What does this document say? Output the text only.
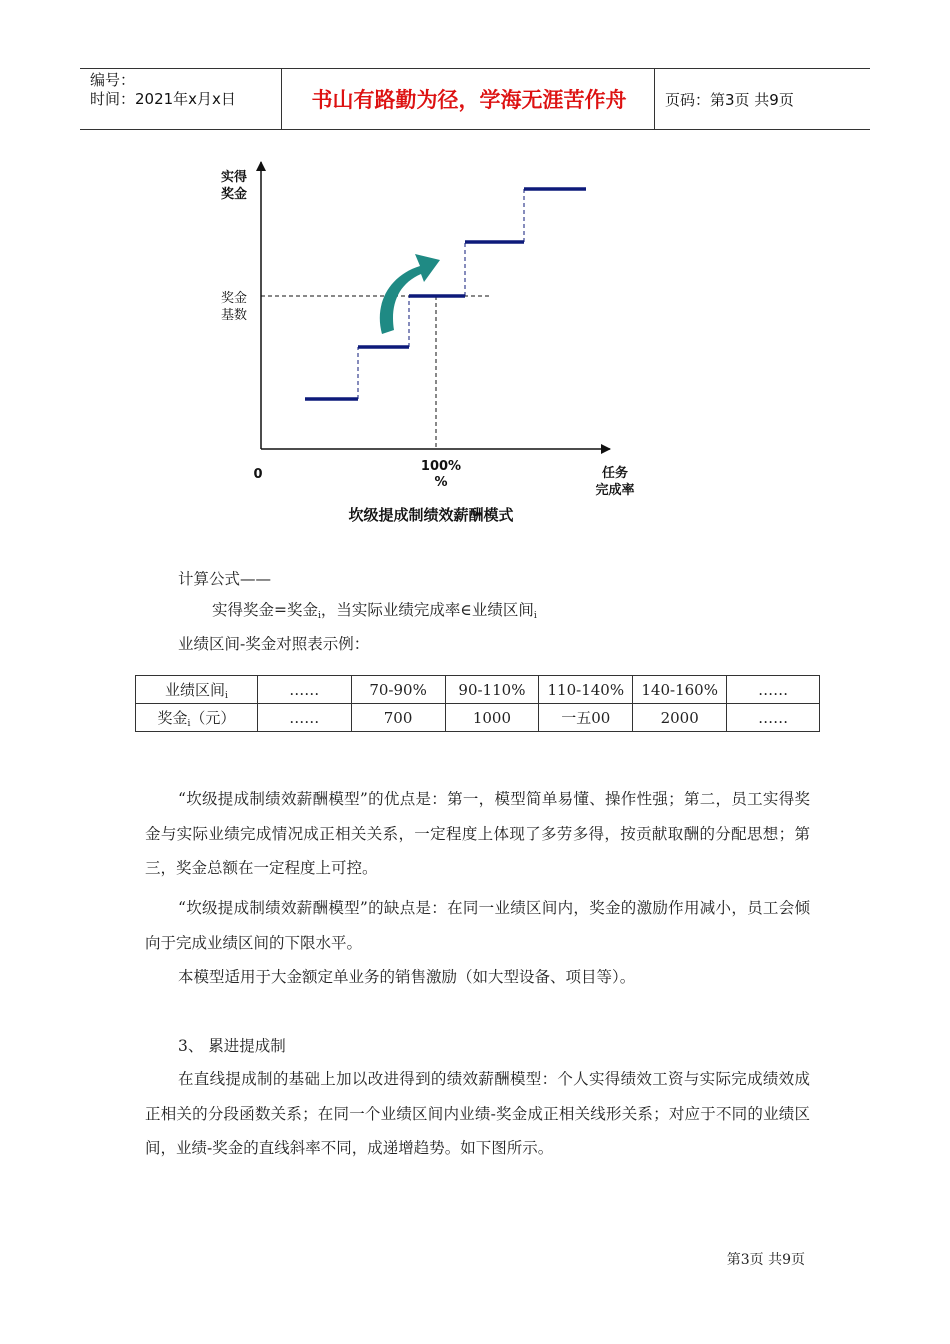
编号：
时间：2021年x月x日	书山有路勤为径，学海无涯苦作舟	页码：第3页 共9页
实得
奖金
奖金
基数
0
100%
%
任务
完成率
坎级提成制绩效薪酬模式
计算公式——
实得奖金=奖金$_i$，当实际业绩完成率∈业绩区间$_i$
业绩区间-奖金对照表示例：
业绩区间$_i$	……	70-90%	90-110%	110-140%	140-160%	……
奖金$_i$（元）	……	700	1000	一五00	2000	……
“坎级提成制绩效薪酬模型”的优点是：第一，模型简单易懂、操作性强；第二，员工实得奖金与实际业绩完成情况成正相关关系，一定程度上体现了多劳多得，按贡献取酬的分配思想；第三，奖金总额在一定程度上可控。
“坎级提成制绩效薪酬模型”的缺点是：在同一业绩区间内，奖金的激励作用减小，员工会倾向于完成业绩区间的下限水平。
本模型适用于大金额定单业务的销售激励（如大型设备、项目等）。
3、 累进提成制
在直线提成制的基础上加以改进得到的绩效薪酬模型：个人实得绩效工资与实际完成绩效成正相关的分段函数关系；在同一个业绩区间内业绩-奖金成正相关线形关系；对应于不同的业绩区间，业绩-奖金的直线斜率不同，成递增趋势。如下图所示。
第3页 共9页
